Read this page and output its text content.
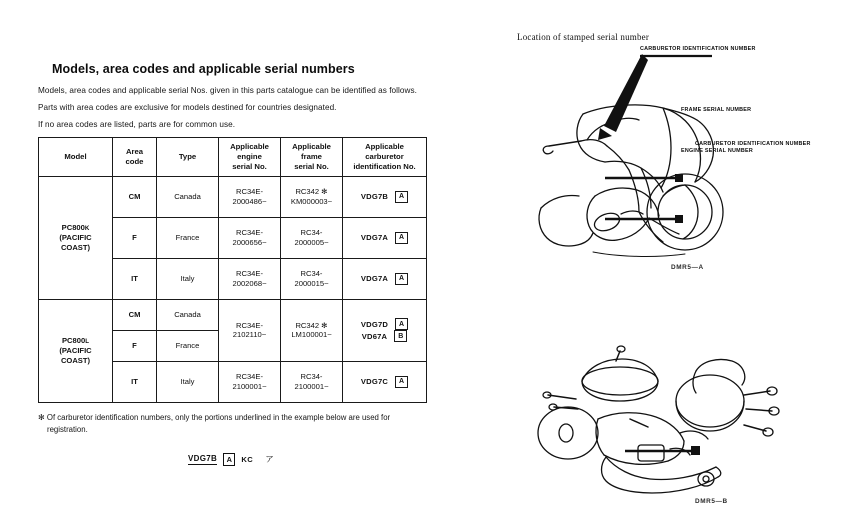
Models, area codes and applicable serial numbers

Models, area codes and applicable serial Nos. given in this parts catalogue can be identified as follows.

Parts with area codes are exclusive for models destined for countries designated.

If no area codes are listed, parts are for common use.

Model	Area
code	Type	Applicable
engine
serial No.	Applicable
frame
serial No.	Applicable
carburetor
identification No.
PC800K
(PACIFIC
COAST)	CM	Canada	RC34E-
2000486~	RC342 ✻
KM000003~	VDG7B A

	F	France	RC34E-
2000656~	RC34-
2000005~	VDG7A A

	IT	Italy	RC34E-
2002068~	RC34-
2000015~	VDG7A A

PC800L
(PACIFIC
COAST)	CM	Canada	RC34E-
2102110~	RC342 ✻
LM100001~	VDG7D A
VD67A B

	F	France			
	IT	Italy	RC34E-
2100001~	RC34-
2100001~	VDG7C A
✻ Of carburetor identification numbers, only the portions underlined in the example below are used for
registration.
VDG7B	A	KC ア
Location of stamped serial number
FRAME SERIAL NUMBER
ENGINE SERIAL NUMBER
DMR5—A
CARBURETOR IDENTIFICATION NUMBER
CARBURETOR IDENTIFICATION NUMBER
DMR5—B
